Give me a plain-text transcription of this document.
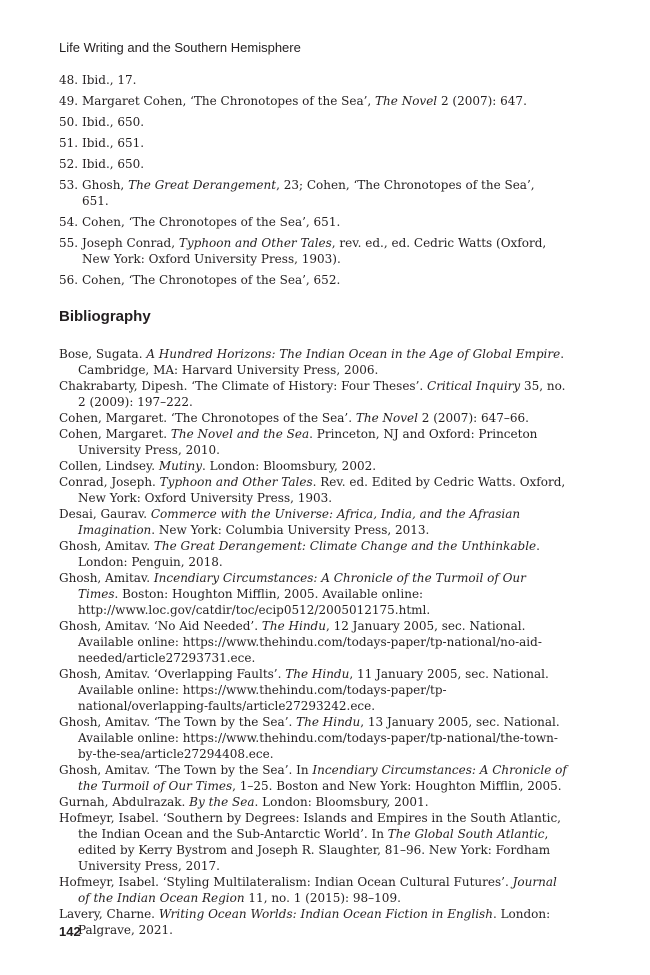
Life Writing and the Southern Hemisphere
48. Ibid., 17.
49. Margaret Cohen, ‘The Chronotopes of the Sea’, The Novel 2 (2007): 647.
50. Ibid., 650.
51. Ibid., 651.
52. Ibid., 650.
53. Ghosh, The Great Derangement, 23; Cohen, ‘The Chronotopes of the Sea’, 651.
54. Cohen, ‘The Chronotopes of the Sea’, 651.
55. Joseph Conrad, Typhoon and Other Tales, rev. ed., ed. Cedric Watts (Oxford, New York: Oxford University Press, 1903).
56. Cohen, ‘The Chronotopes of the Sea’, 652.
Bibliography
Bose, Sugata. A Hundred Horizons: The Indian Ocean in the Age of Global Empire. Cambridge, MA: Harvard University Press, 2006.
Chakrabarty, Dipesh. ‘The Climate of History: Four Theses’. Critical Inquiry 35, no. 2 (2009): 197–222.
Cohen, Margaret. ‘The Chronotopes of the Sea’. The Novel 2 (2007): 647–66.
Cohen, Margaret. The Novel and the Sea. Princeton, NJ and Oxford: Princeton University Press, 2010.
Collen, Lindsey. Mutiny. London: Bloomsbury, 2002.
Conrad, Joseph. Typhoon and Other Tales. Rev. ed. Edited by Cedric Watts. Oxford, New York: Oxford University Press, 1903.
Desai, Gaurav. Commerce with the Universe: Africa, India, and the Afrasian Imagination. New York: Columbia University Press, 2013.
Ghosh, Amitav. The Great Derangement: Climate Change and the Unthinkable. London: Penguin, 2018.
Ghosh, Amitav. Incendiary Circumstances: A Chronicle of the Turmoil of Our Times. Boston: Houghton Mifflin, 2005. Available online: http://www.loc.gov/catdir/toc/ecip0512/2005012175.html.
Ghosh, Amitav. ‘No Aid Needed’. The Hindu, 12 January 2005, sec. National. Available online: https://www.thehindu.com/todays-paper/tp-national/no-aid-needed/article27293731.ece.
Ghosh, Amitav. ‘Overlapping Faults’. The Hindu, 11 January 2005, sec. National. Available online: https://www.thehindu.com/todays-paper/tp-national/overlapping-faults/article27293242.ece.
Ghosh, Amitav. ‘The Town by the Sea’. The Hindu, 13 January 2005, sec. National. Available online: https://www.thehindu.com/todays-paper/tp-national/the-town-by-the-sea/article27294408.ece.
Ghosh, Amitav. ‘The Town by the Sea’. In Incendiary Circumstances: A Chronicle of the Turmoil of Our Times, 1–25. Boston and New York: Houghton Mifflin, 2005.
Gurnah, Abdulrazak. By the Sea. London: Bloomsbury, 2001.
Hofmeyr, Isabel. ‘Southern by Degrees: Islands and Empires in the South Atlantic, the Indian Ocean and the Sub-Antarctic World’. In The Global South Atlantic, edited by Kerry Bystrom and Joseph R. Slaughter, 81–96. New York: Fordham University Press, 2017.
Hofmeyr, Isabel. ‘Styling Multilateralism: Indian Ocean Cultural Futures’. Journal of the Indian Ocean Region 11, no. 1 (2015): 98–109.
Lavery, Charne. Writing Ocean Worlds: Indian Ocean Fiction in English. London: Palgrave, 2021.
142
